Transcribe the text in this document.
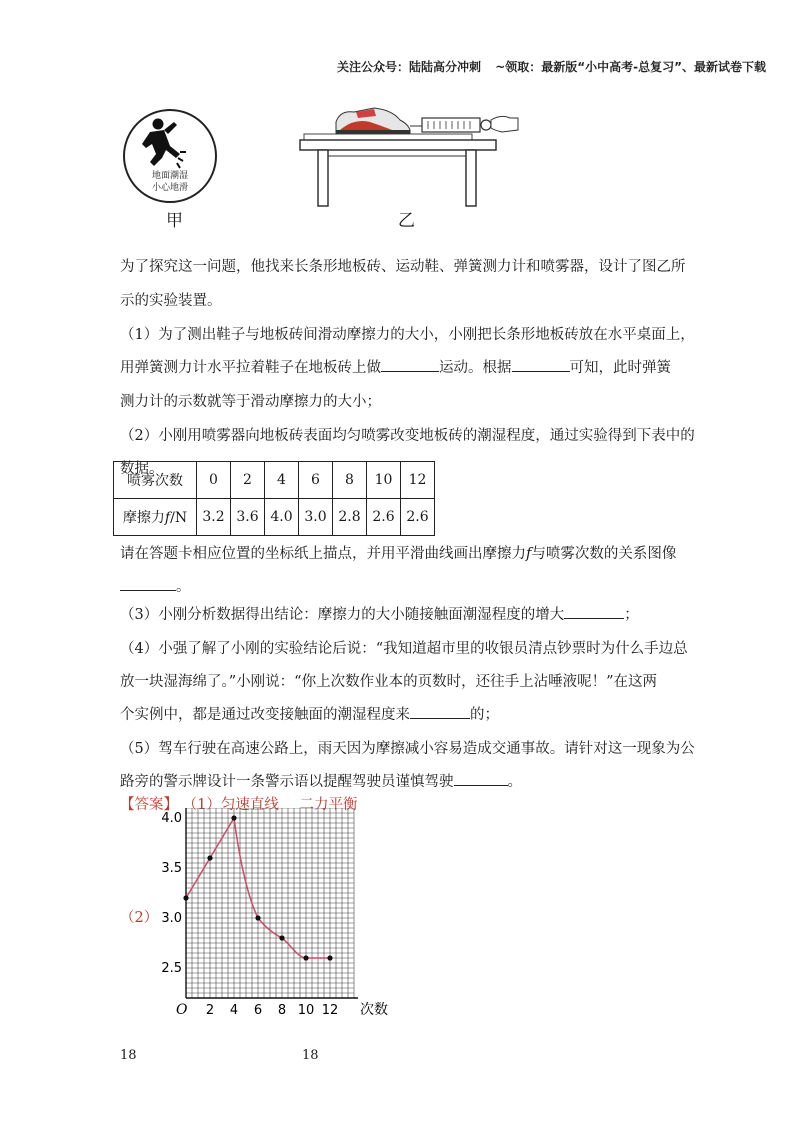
关注公众号：陆陆高分冲刺 ~领取：最新版“小中高考-总复习”、最新试卷下载
地面潮湿
小心地滑
甲	乙
为了探究这一问题，他找来长条形地板砖、运动鞋、弹簧测力计和喷雾器，设计了图乙所
示的实验装置。
（1）为了测出鞋子与地板砖间滑动摩擦力的大小，小刚把长条形地板砖放在水平桌面上，
用弹簧测力计水平拉着鞋子在地板砖上做	运动。根据	可知，此时弹簧
测力计的示数就等于滑动摩擦力的大小；
（2）小刚用喷雾器向地板砖表面均匀喷雾改变地板砖的潮湿程度，通过实验得到下表中的
数据。
喷雾次数	0	2	4	6	8	10	12
摩擦力f/N	3.2	3.6	4.0	3.0	2.8	2.6	2.6
请在答题卡相应位置的坐标纸上描点，并用平滑曲线画出摩擦力f与喷雾次数的关系图像
。
（3）小刚分析数据得出结论：摩擦力的大小随接触面潮湿程度的增大	；
（4）小强了解了小刚的实验结论后说：“我知道超市里的收银员清点钞票时为什么手边总
放一块湿海绵了。”小刚说：“你上次数作业本的页数时，还往手上沾唾液呢！”在这两
个实例中，都是通过改变接触面的潮湿程度来	的；
（5）驾车行驶在高速公路上，雨天因为摩擦减小容易造成交通事故。请针对这一现象为公
路旁的警示牌设计一条警示语以提醒驾驶员谨慎驾驶	。
【答案】 （1）匀速直线 二力平衡
（2）
次数
O 2 4 6 8 10 12
4.0
3.5
3.0
2.5
18	18
